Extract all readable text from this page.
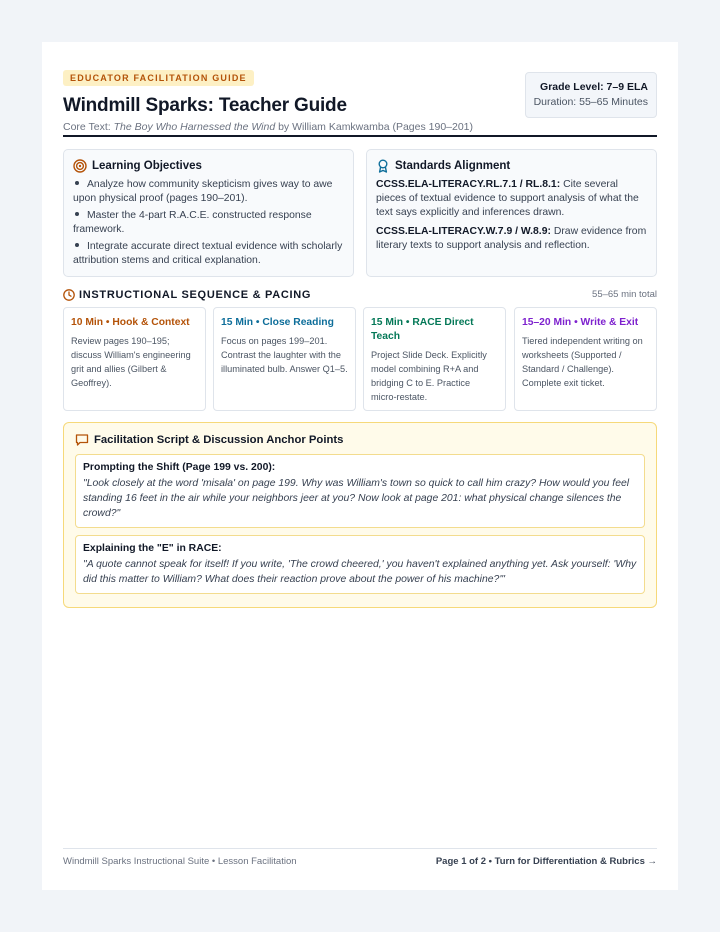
EDUCATOR FACILITATION GUIDE
Windmill Sparks: Teacher Guide
Core Text: The Boy Who Harnessed the Wind by William Kamkwamba (Pages 190–201)
Grade Level: 7–9 ELA
Duration: 55–65 Minutes
Learning Objectives
Analyze how community skepticism gives way to awe upon physical proof (pages 190–201).
Master the 4-part R.A.C.E. constructed response framework.
Integrate accurate direct textual evidence with scholarly attribution stems and critical explanation.
Standards Alignment
CCSS.ELA-LITERACY.RL.7.1 / RL.8.1: Cite several pieces of textual evidence to support analysis of what the text says explicitly and inferences drawn.
CCSS.ELA-LITERACY.W.7.9 / W.8.9: Draw evidence from literary texts to support analysis and reflection.
INSTRUCTIONAL SEQUENCE & PACING	55–65 min total
10 Min • Hook & Context
Review pages 190–195; discuss William's engineering grit and allies (Gilbert & Geoffrey).
15 Min • Close Reading
Focus on pages 199–201. Contrast the laughter with the illuminated bulb. Answer Q1–5.
15 Min • RACE Direct Teach
Project Slide Deck. Explicitly model combining R+A and bridging C to E. Practice micro-restate.
15–20 Min • Write & Exit
Tiered independent writing on worksheets (Supported / Standard / Challenge). Complete exit ticket.
Facilitation Script & Discussion Anchor Points
Prompting the Shift (Page 199 vs. 200):
"Look closely at the word 'misala' on page 199. Why was William's town so quick to call him crazy? How would you feel standing 16 feet in the air while your neighbors jeer at you? Now look at page 201: what physical change silences the crowd?"
Explaining the "E" in RACE:
"A quote cannot speak for itself! If you write, 'The crowd cheered,' you haven't explained anything yet. Ask yourself: 'Why did this matter to William? What does their reaction prove about the power of his machine?'"
Windmill Sparks Instructional Suite • Lesson Facilitation	Page 1 of 2 • Turn for Differentiation & Rubrics →
